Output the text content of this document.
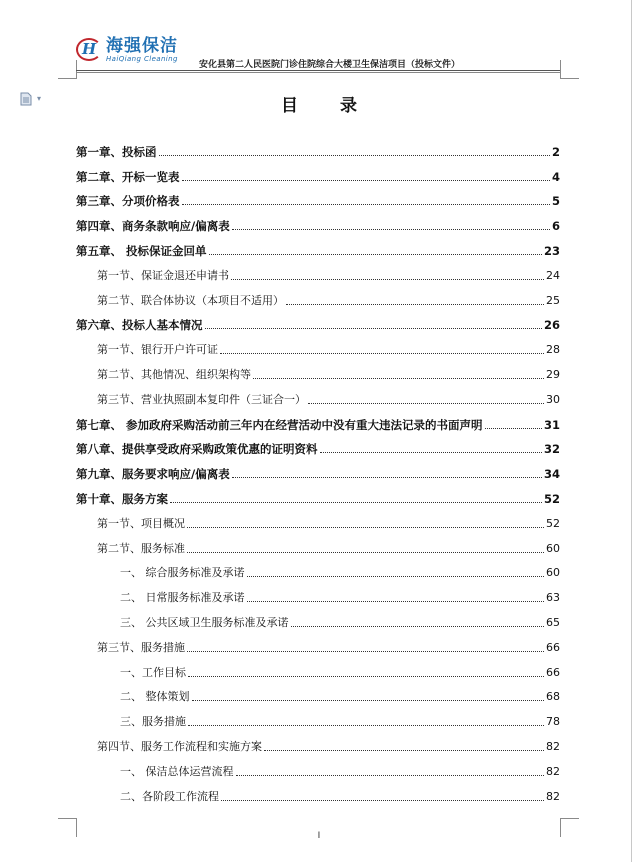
H 海强保洁
HaiQiang Cleaning
安化县第二人民医院门诊住院综合大楼卫生保洁项目（投标文件）
▾	目 录
第一章、投标函	2
第二章、开标一览表	4
第三章、分项价格表	5
第四章、商务条款响应/偏离表	6
第五章、 投标保证金回单	23
第一节、保证金退还申请书	24
第二节、联合体协议（本项目不适用）	25
第六章、投标人基本情况	26
第一节、银行开户许可证	28
第二节、其他情况、组织架构等	29
第三节、营业执照副本复印件（三证合一）	30
第七章、 参加政府采购活动前三年内在经营活动中没有重大违法记录的书面声明	31
第八章、提供享受政府采购政策优惠的证明资料	32
第九章、服务要求响应/偏离表	34
第十章、服务方案	52
第一节、项目概况	52
第二节、服务标准	60
一、 综合服务标准及承诺	60
二、 日常服务标准及承诺	63
三、 公共区域卫生服务标准及承诺	65
第三节、服务措施	66
一、工作目标	66
二、 整体策划	68
三、服务措施	78
第四节、服务工作流程和实施方案	82
一、 保洁总体运营流程	82
二、各阶段工作流程	82
I
